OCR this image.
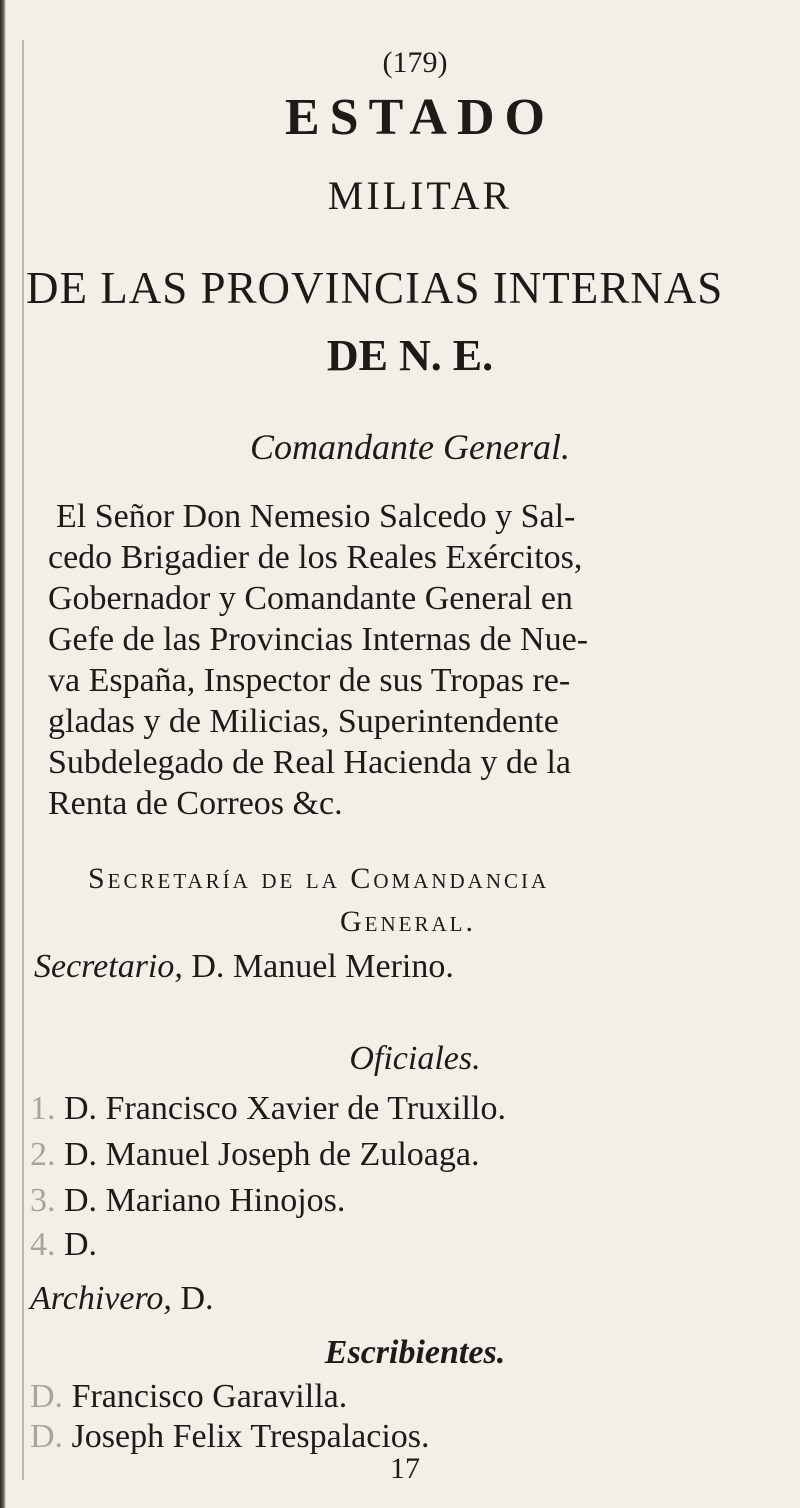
(179)
ESTADO
MILITAR
DE LAS PROVINCIAS INTERNAS
DE N. E.
Comandante General.
El Señor Don Nemesio Salcedo y Sal-
cedo Brigadier de los Reales Exércitos,
Gobernador y Comandante General en
Gefe de las Provincias Internas de Nue-
va España, Inspector de sus Tropas re-
gladas y de Milicias, Superintendente
Subdelegado de Real Hacienda y de la
Renta de Correos &c.
Secretaría de la Comandancia
General.
Secretario, D. Manuel Merino.
Oficiales.
1. D. Francisco Xavier de Truxillo.
2. D. Manuel Joseph de Zuloaga.
3. D. Mariano Hinojos.
4. D.
Archivero, D.
Escribientes.
D. Francisco Garavilla.
D. Joseph Felix Trespalacios.
17
